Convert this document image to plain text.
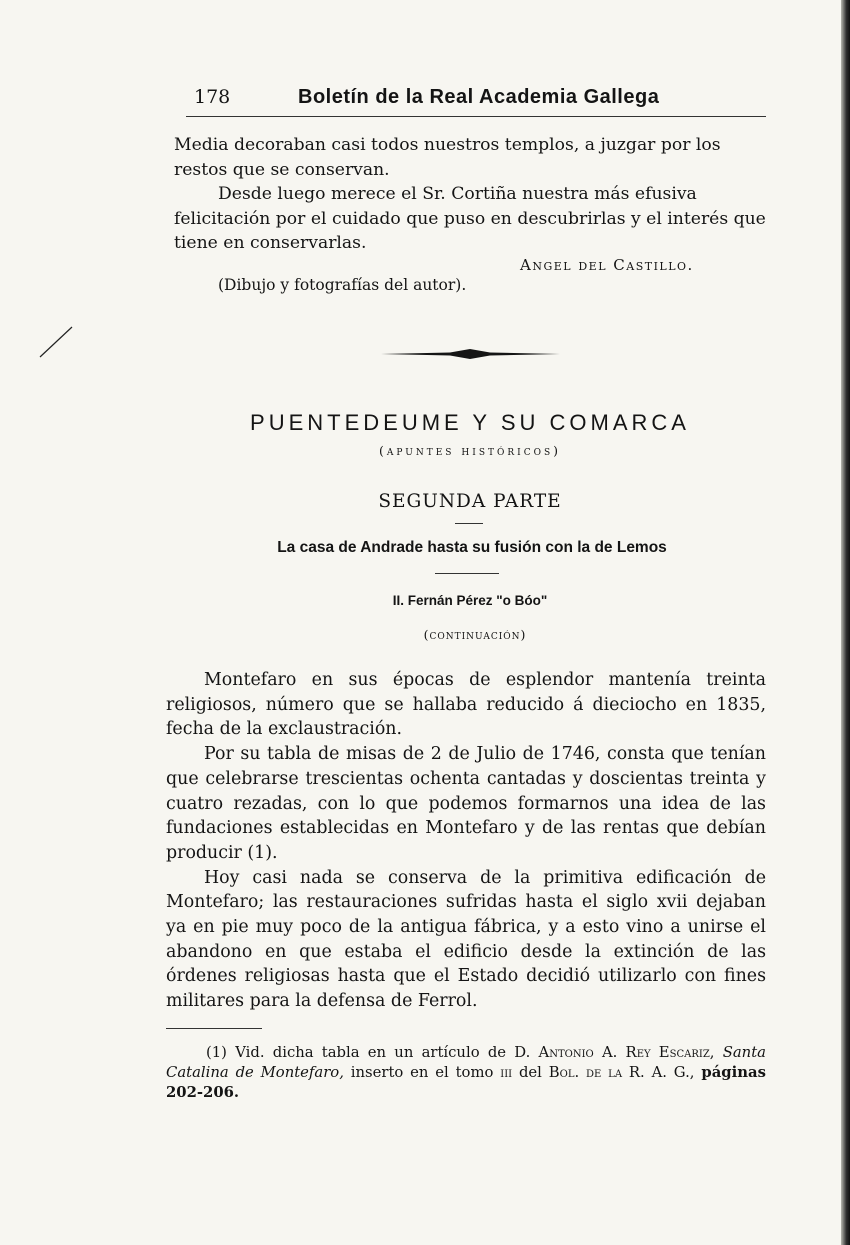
178	Boletín de la Real Academia Gallega

Media decoraban casi todos nuestros templos, a juzgar por los restos que se conservan.

Desde luego merece el Sr. Cortiña nuestra más efusiva felicitación por el cuidado que puso en descubrirlas y el interés que tiene en conservarlas.

Angel del Castillo.
(Dibujo y fotografías del autor).
PUENTEDEUME Y SU COMARCA
(apuntes históricos)
SEGUNDA PARTE
La casa de Andrade hasta su fusión con la de Lemos
II. Fernán Pérez "o Bóo"
(continuación)

Montefaro en sus épocas de esplendor mantenía treinta religiosos, número que se hallaba reducido á dieciocho en 1835, fecha de la exclaustración.

Por su tabla de misas de 2 de Julio de 1746, consta que tenían que celebrarse trescientas ochenta cantadas y doscientas treinta y cuatro rezadas, con lo que podemos formarnos una idea de las fundaciones establecidas en Montefaro y de las rentas que debían producir (1).

Hoy casi nada se conserva de la primitiva edificación de Montefaro; las restauraciones sufridas hasta el siglo xvii dejaban ya en pie muy poco de la antigua fábrica, y a esto vino a unirse el abandono en que estaba el edificio desde la extinción de las órdenes religiosas hasta que el Estado decidió utilizarlo con fines militares para la defensa de Ferrol.

(1) Vid. dicha tabla en un artículo de D. Antonio A. Rey Escariz, Santa Catalina de Montefaro, inserto en el tomo iii del Bol. de la R. A. G., páginas 202-206.
